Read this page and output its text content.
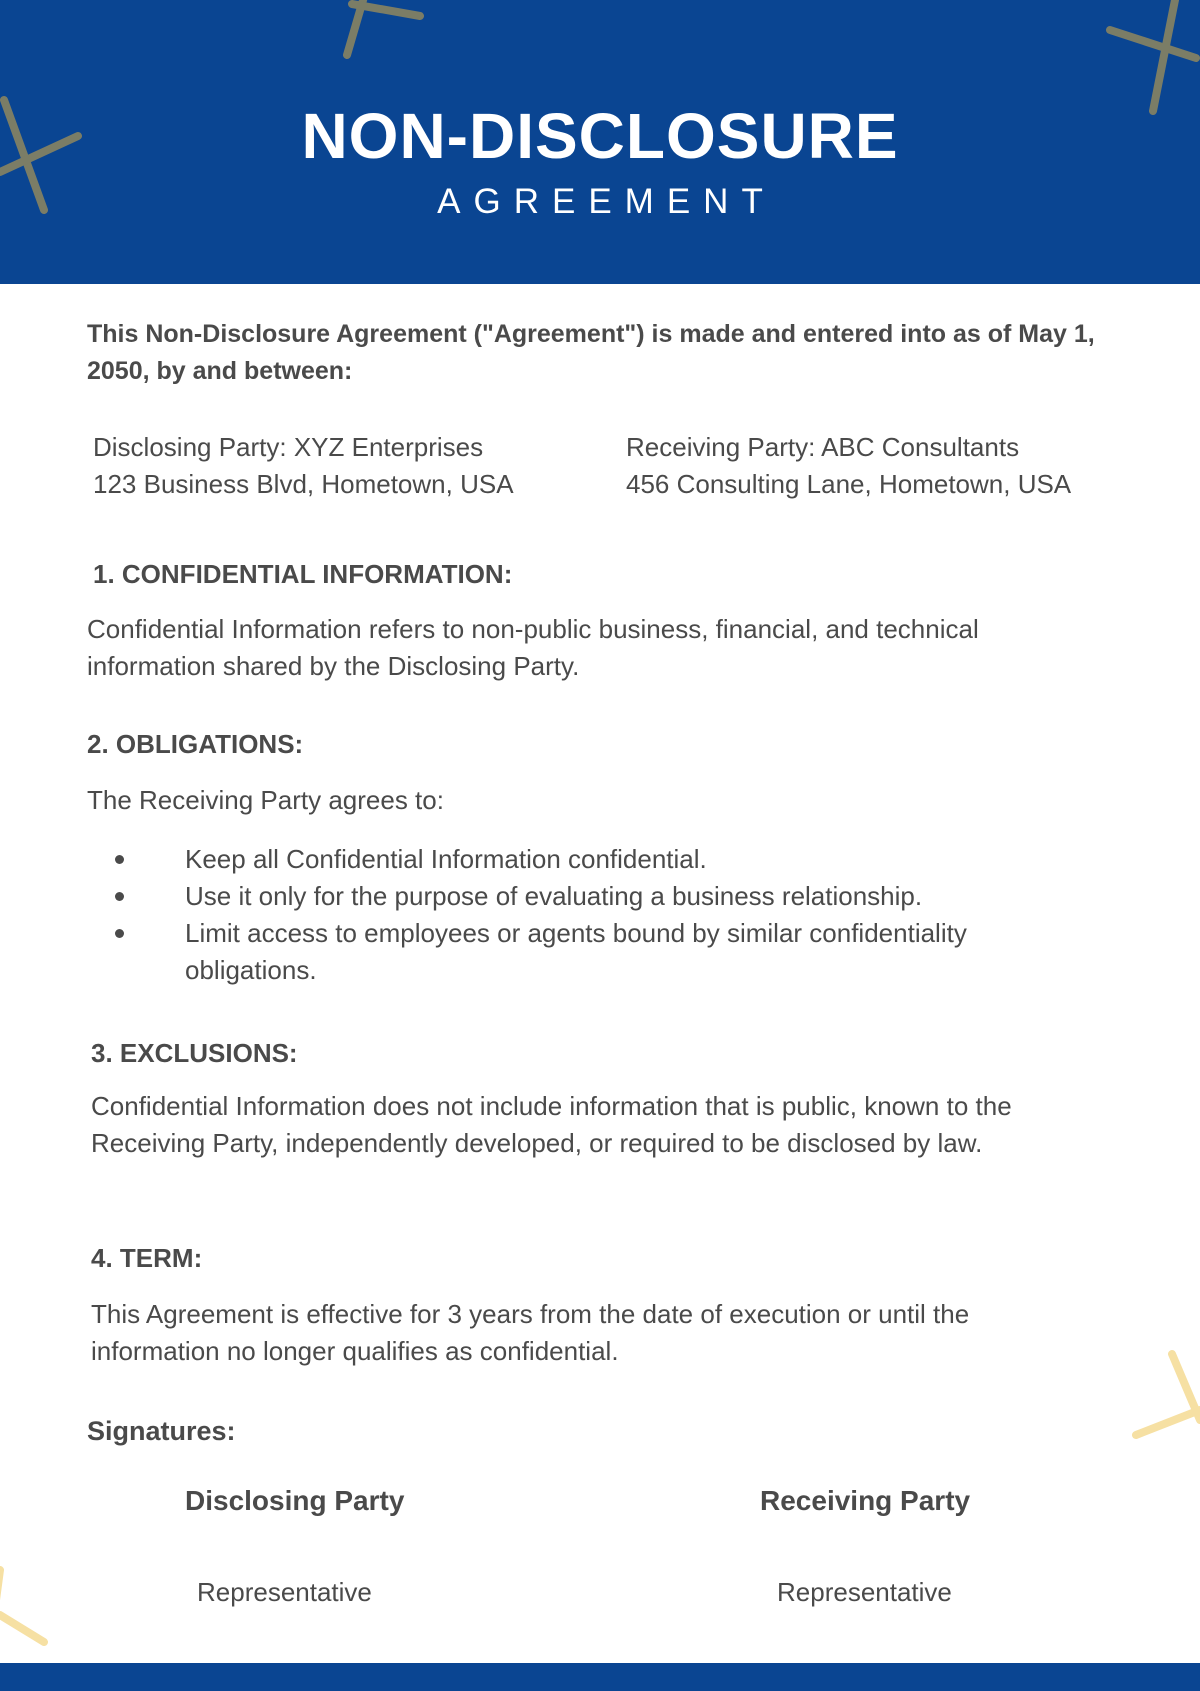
NON-DISCLOSURE
AGREEMENT
This Non-Disclosure Agreement ("Agreement") is made and entered into as of May 1, 2050, by and between:
Disclosing Party: XYZ Enterprises
123 Business Blvd, Hometown, USA
Receiving Party: ABC Consultants
456 Consulting Lane, Hometown, USA
1. CONFIDENTIAL INFORMATION:
Confidential Information refers to non-public business, financial, and technical
information shared by the Disclosing Party.
2. OBLIGATIONS:
The Receiving Party agrees to:
Keep all Confidential Information confidential.
Use it only for the purpose of evaluating a business relationship.
Limit access to employees or agents bound by similar confidentiality obligations.
3. EXCLUSIONS:
Confidential Information does not include information that is public, known to the Receiving Party, independently developed, or required to be disclosed by law.
4. TERM:
This Agreement is effective for 3 years from the date of execution or until the information no longer qualifies as confidential.
Signatures:
Disclosing Party	Receiving Party
Representative	Representative
